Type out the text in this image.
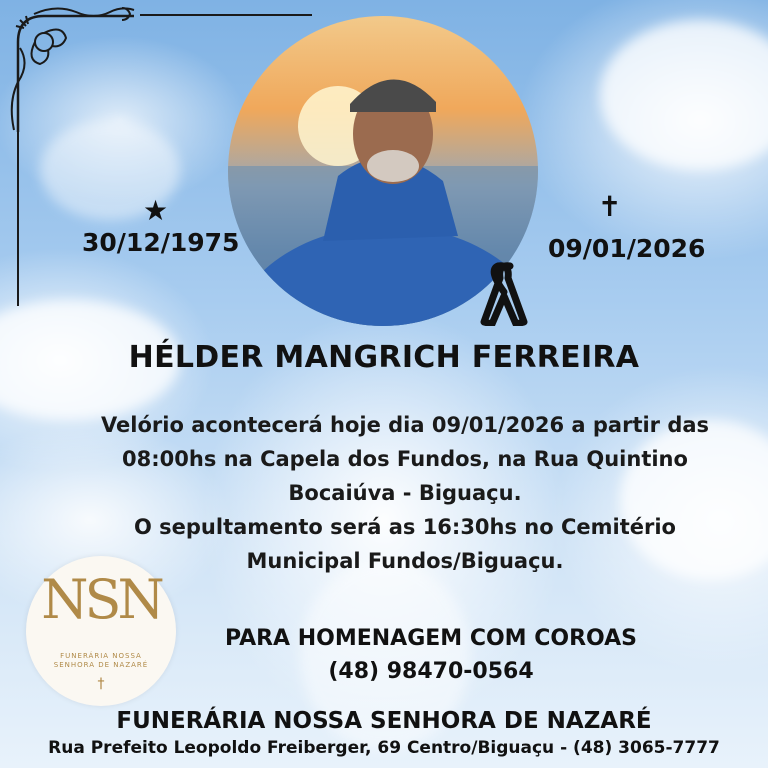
★
30/12/1975
✝
09/01/2026
HÉLDER MANGRICH FERREIRA
Velório acontecerá hoje dia 09/01/2026 a partir das
08:00hs na Capela dos Fundos, na Rua Quintino
Bocaiúva - Biguaçu.
O sepultamento será as 16:30hs no Cemitério
Municipal Fundos/Biguaçu.
NSN
FUNERÁRIA NOSSA
SENHORA DE NAZARÉ
†
PARA HOMENAGEM COM COROAS
(48) 98470-0564
FUNERÁRIA NOSSA SENHORA DE NAZARÉ
Rua Prefeito Leopoldo Freiberger, 69 Centro/Biguaçu - (48) 3065-7777
